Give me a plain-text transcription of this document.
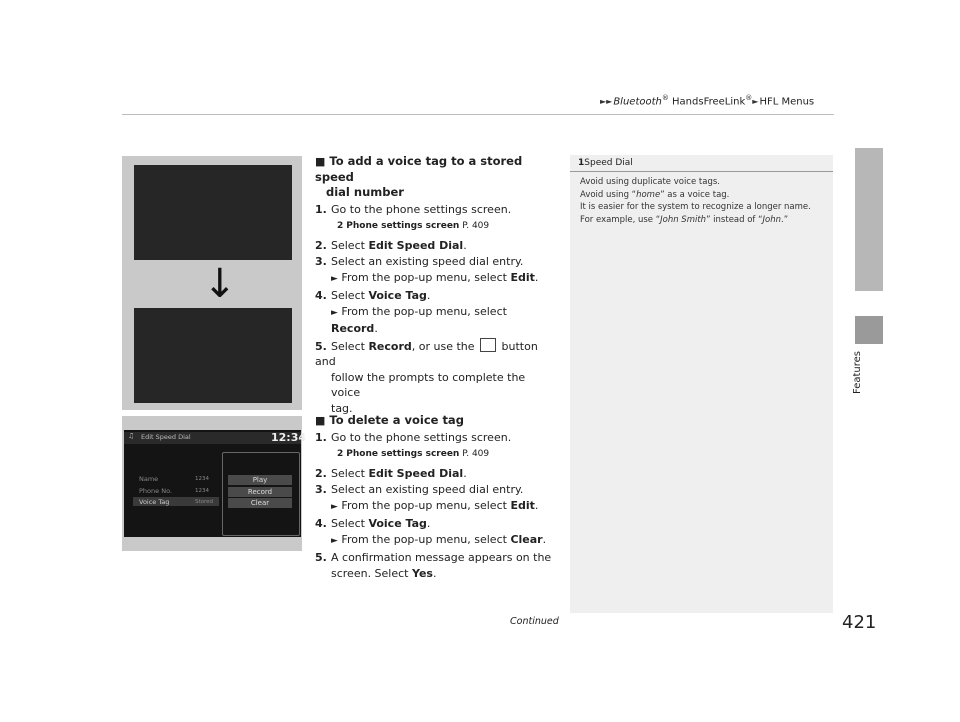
►►Bluetooth® HandsFreeLink®►HFL Menus
Features
↓
♫ Edit Speed Dial	12:34
Name	1234
Phone No.	1234
Voice Tag	Stored
Play
Record
Clear
■ To add a voice tag to a stored speed
dial number
1. Go to the phone settings screen.
2 Phone settings screen P. 409
2. Select Edit Speed Dial.
3. Select an existing speed dial entry.
► From the pop-up menu, select Edit.
4. Select Voice Tag.
► From the pop-up menu, select Record.
5. Select Record, or use the  button and
follow the prompts to complete the voice
tag.
■ To delete a voice tag
1. Go to the phone settings screen.
2 Phone settings screen P. 409
2. Select Edit Speed Dial.
3. Select an existing speed dial entry.
► From the pop-up menu, select Edit.
4. Select Voice Tag.
► From the pop-up menu, select Clear.
5. A confirmation message appears on the
screen. Select Yes.
1Speed Dial
Avoid using duplicate voice tags.
Avoid using “home” as a voice tag.
It is easier for the system to recognize a longer name.
For example, use “John Smith” instead of “John.”
Continued	421
